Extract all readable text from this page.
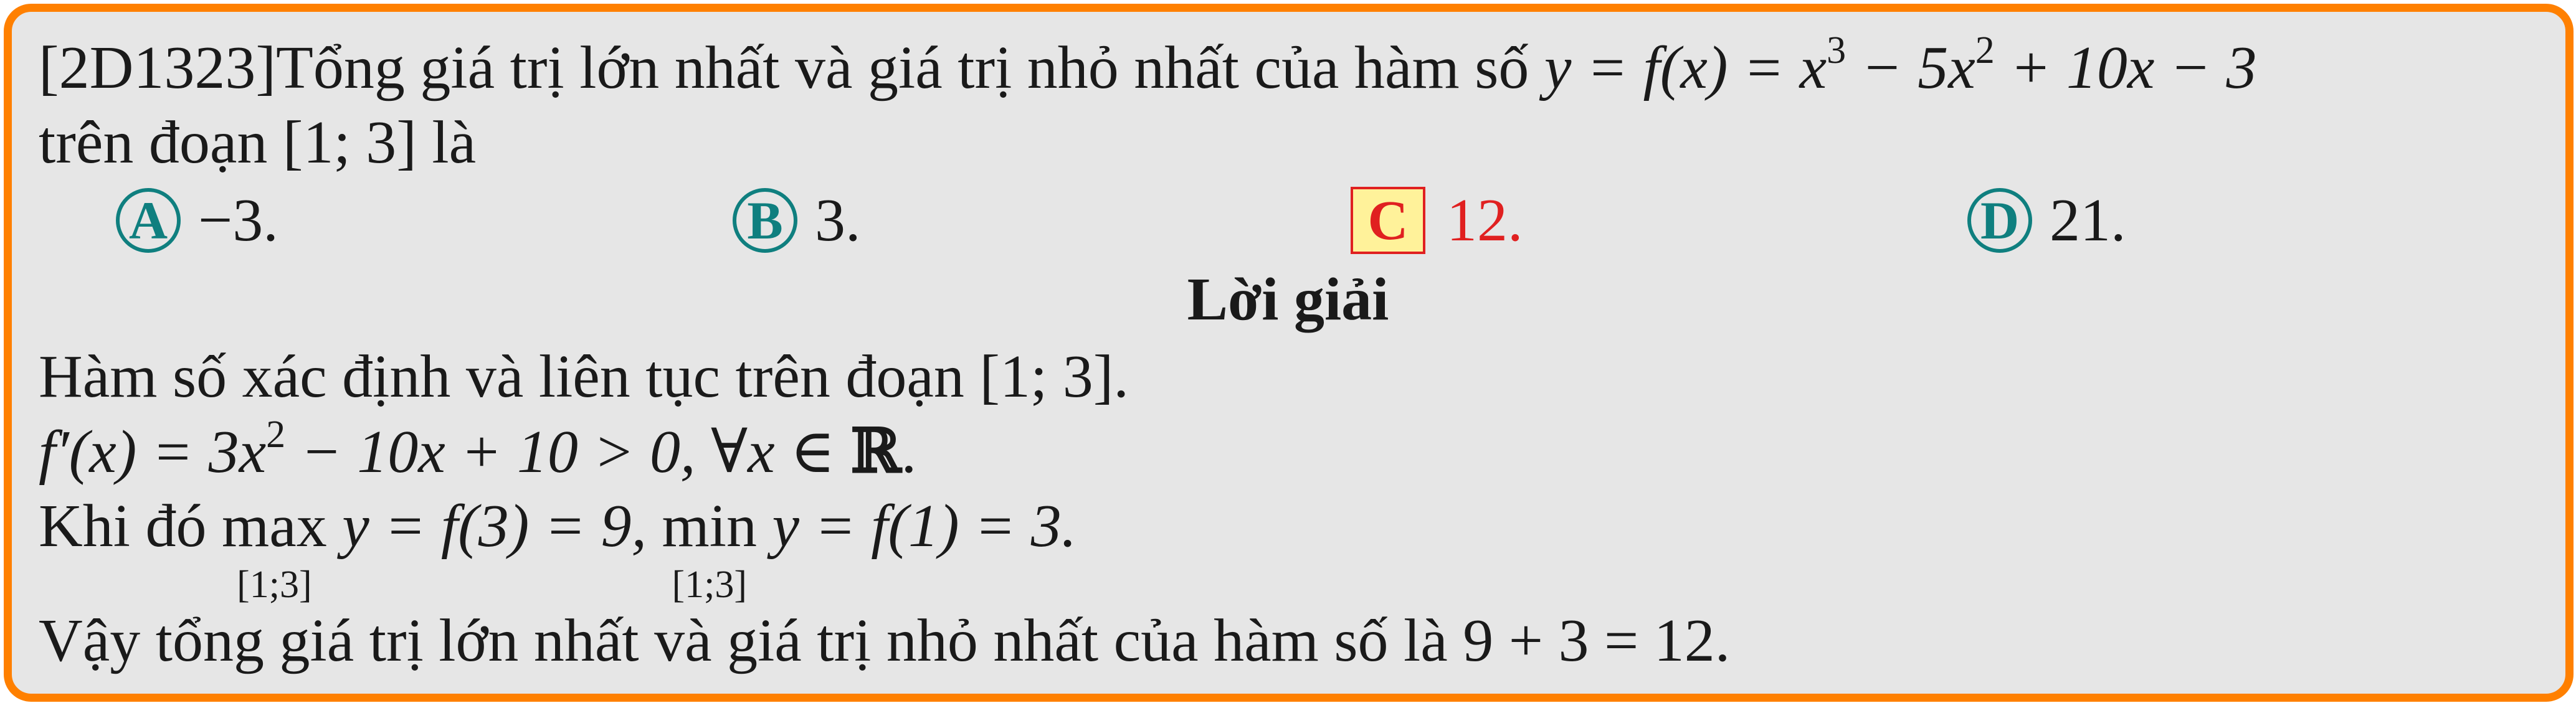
[2D1323]Tổng giá trị lớn nhất và giá trị nhỏ nhất của hàm số $y = f(x) = x^3 - 5x^2 + 10x - 3$
trên đoạn [1; 3] là
A −3.	B 3.	C 12.	D 21.
Lời giải
Hàm số xác định và liên tục trên đoạn [1; 3].
$f'(x) = 3x^2 - 10x + 10 > 0$, ∀x ∈ ℝ.
Khi đó max
[1;3]
y = f(3) = 9, min
[1;3]
y = f(1) = 3.
Vậy tổng giá trị lớn nhất và giá trị nhỏ nhất của hàm số là 9 + 3 = 12.
